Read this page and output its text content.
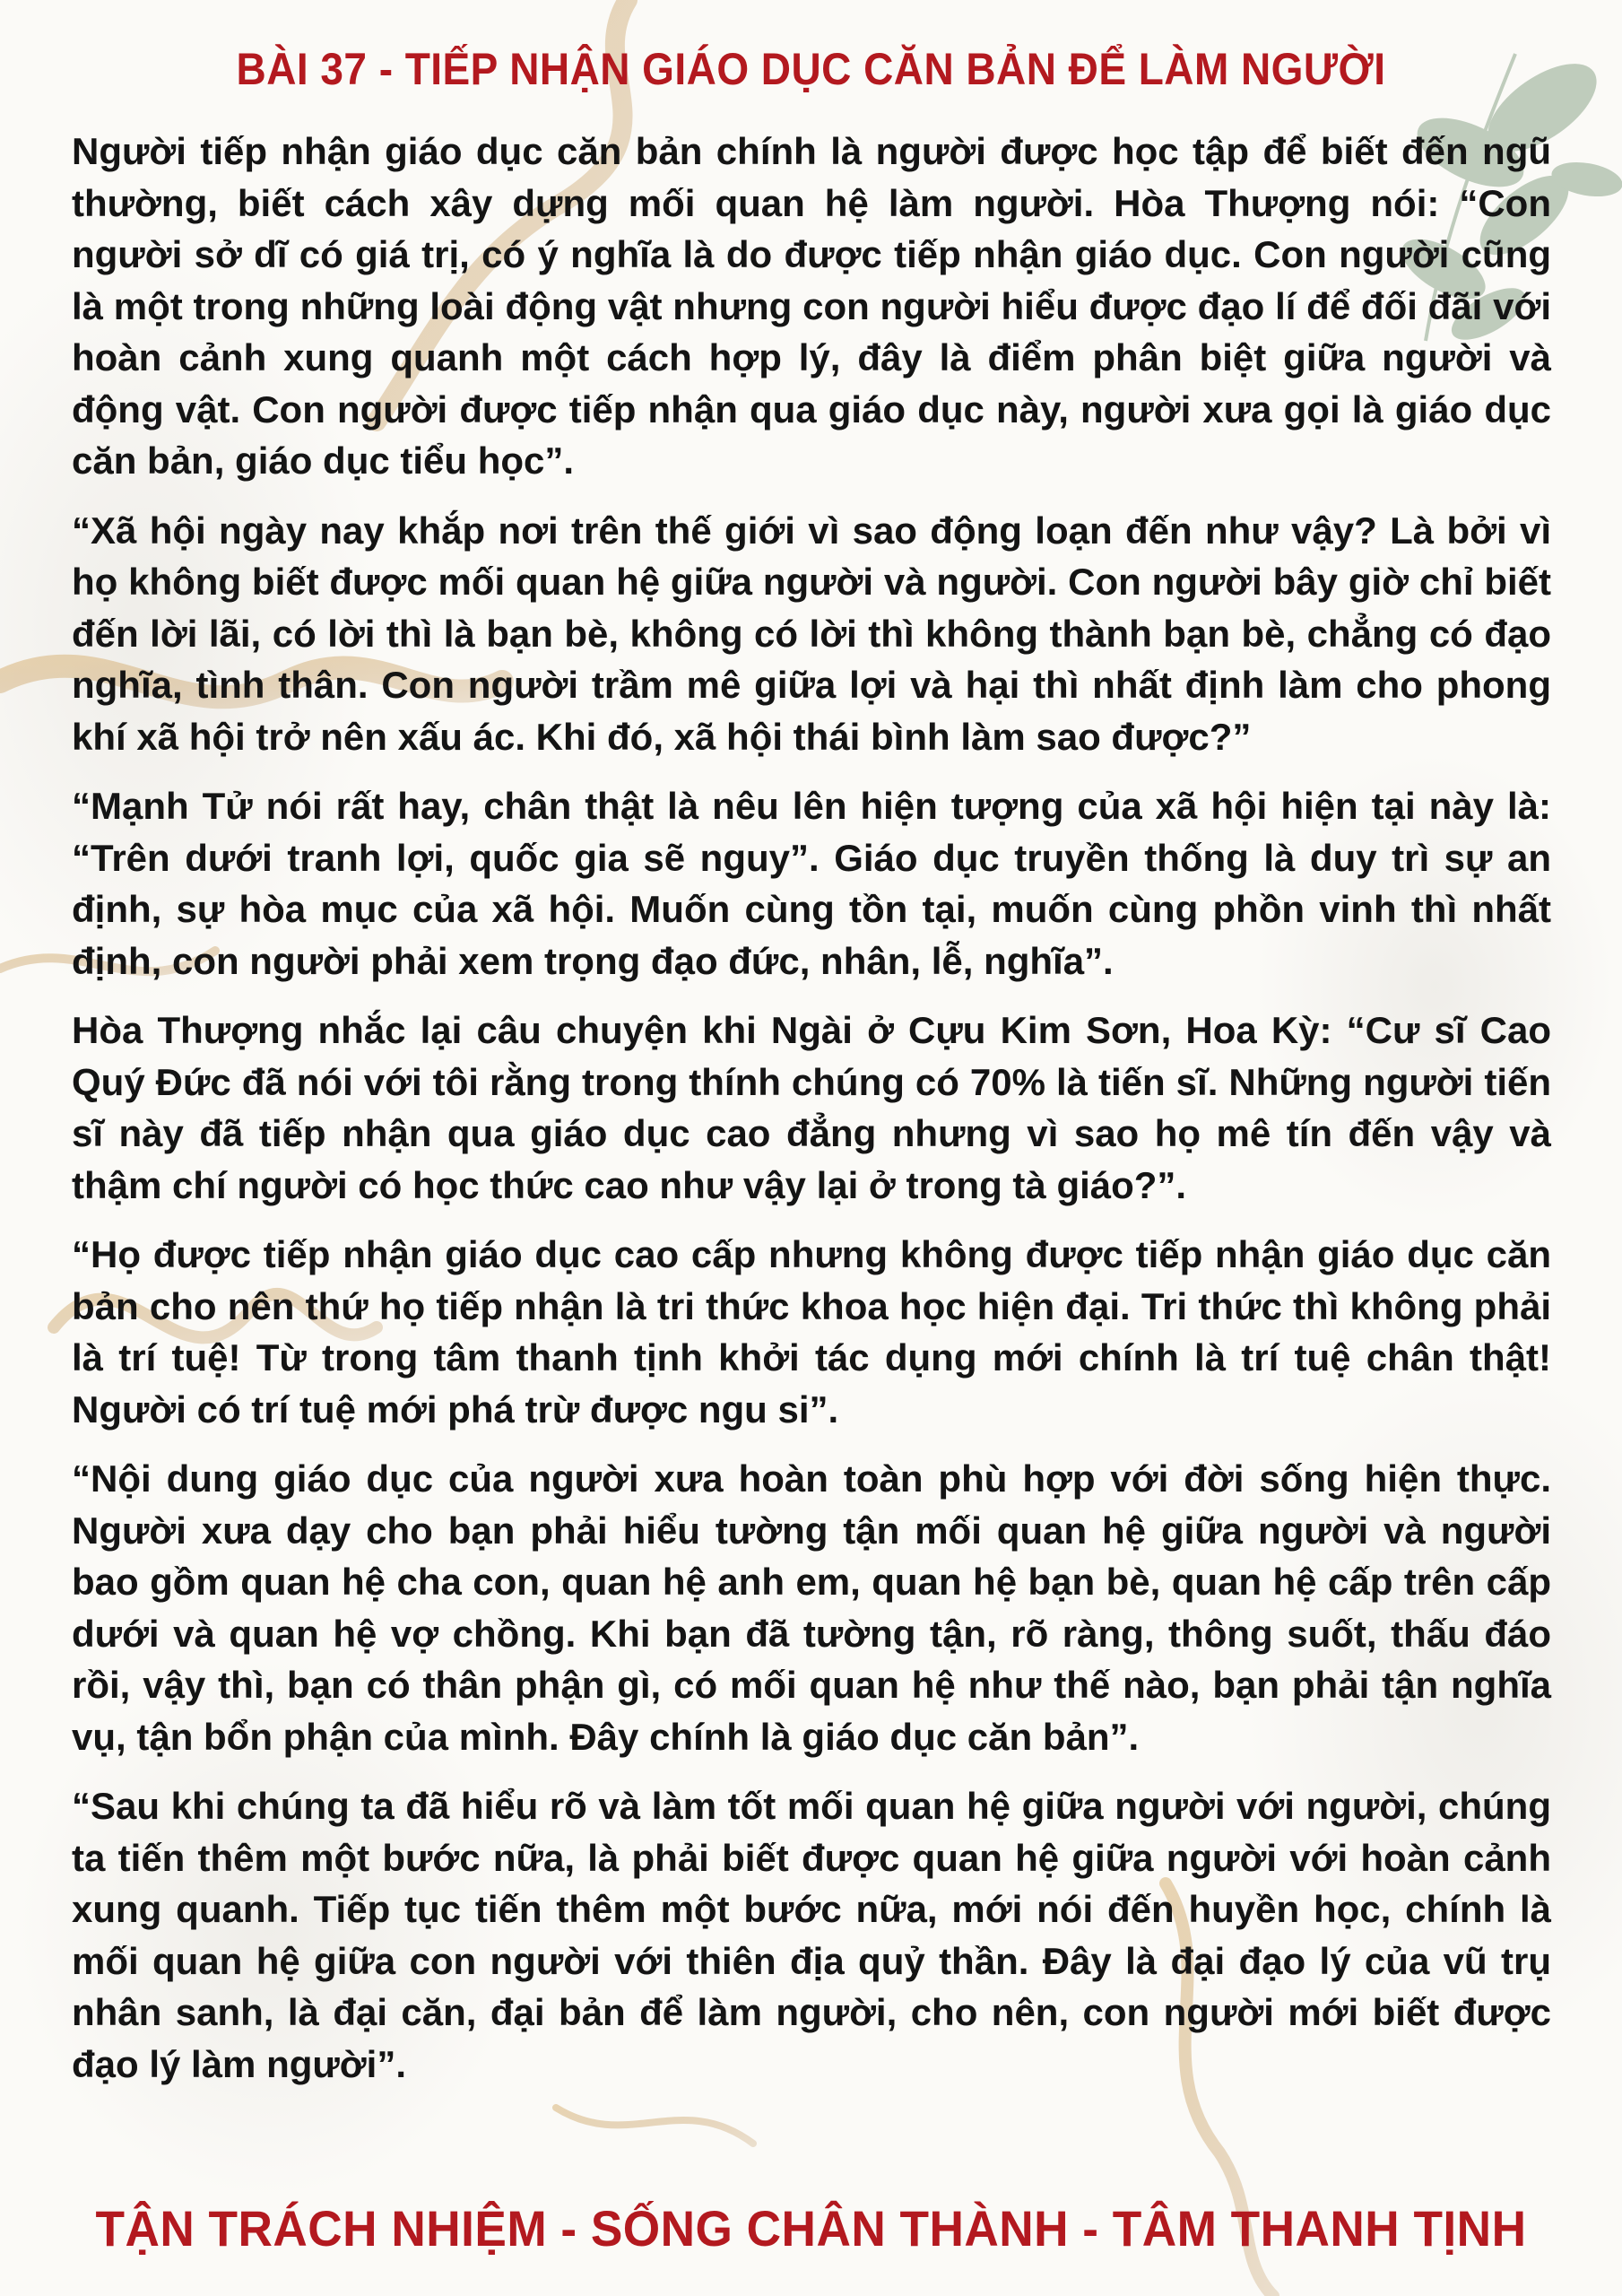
BÀI 37 - TIẾP NHẬN GIÁO DỤC CĂN BẢN ĐỂ LÀM NGƯỜI

Người tiếp nhận giáo dục căn bản chính là người được học tập để biết đến ngũ thường, biết cách xây dựng mối quan hệ làm người. Hòa Thượng nói: “Con người sở dĩ có giá trị, có ý nghĩa là do được tiếp nhận giáo dục. Con người cũng là một trong những loài động vật nhưng con người hiểu được đạo lí để đối đãi với hoàn cảnh xung quanh một cách hợp lý, đây là điểm phân biệt giữa người và động vật. Con người được tiếp nhận qua giáo dục này, người xưa gọi là giáo dục căn bản, giáo dục tiểu học”.

“Xã hội ngày nay khắp nơi trên thế giới vì sao động loạn đến như vậy? Là bởi vì họ không biết được mối quan hệ giữa người và người. Con người bây giờ chỉ biết đến lời lãi, có lời thì là bạn bè, không có lời thì không thành bạn bè, chẳng có đạo nghĩa, tình thân. Con người trầm mê giữa lợi và hại thì nhất định làm cho phong khí xã hội trở nên xấu ác. Khi đó, xã hội thái bình làm sao được?”

“Mạnh Tử nói rất hay, chân thật là nêu lên hiện tượng của xã hội hiện tại này là: “Trên dưới tranh lợi, quốc gia sẽ nguy”. Giáo dục truyền thống là duy trì sự an định, sự hòa mục của xã hội. Muốn cùng tồn tại, muốn cùng phồn vinh thì nhất định, con người phải xem trọng đạo đức, nhân, lễ, nghĩa”.

Hòa Thượng nhắc lại câu chuyện khi Ngài ở Cựu Kim Sơn, Hoa Kỳ: “Cư sĩ Cao Quý Đức đã nói với tôi rằng trong thính chúng có 70% là tiến sĩ. Những người tiến sĩ này đã tiếp nhận qua giáo dục cao đẳng nhưng vì sao họ mê tín đến vậy và thậm chí người có học thức cao như vậy lại ở trong tà giáo?”.

“Họ được tiếp nhận giáo dục cao cấp nhưng không được tiếp nhận giáo dục căn bản cho nên thứ họ tiếp nhận là tri thức khoa học hiện đại. Tri thức thì không phải là trí tuệ! Từ trong tâm thanh tịnh khởi tác dụng mới chính là trí tuệ chân thật! Người có trí tuệ mới phá trừ được ngu si”.

“Nội dung giáo dục của người xưa hoàn toàn phù hợp với đời sống hiện thực. Người xưa dạy cho bạn phải hiểu tường tận mối quan hệ giữa người và người bao gồm quan hệ cha con, quan hệ anh em, quan hệ bạn bè, quan hệ cấp trên cấp dưới và quan hệ vợ chồng. Khi bạn đã tường tận, rõ ràng, thông suốt, thấu đáo rồi, vậy thì, bạn có thân phận gì, có mối quan hệ như thế nào, bạn phải tận nghĩa vụ, tận bổn phận của mình. Đây chính là giáo dục căn bản”.

“Sau khi chúng ta đã hiểu rõ và làm tốt mối quan hệ giữa người với người, chúng ta tiến thêm một bước nữa, là phải biết được quan hệ giữa người với hoàn cảnh xung quanh. Tiếp tục tiến thêm một bước nữa, mới nói đến huyền học, chính là mối quan hệ giữa con người với thiên địa quỷ thần. Đây là đại đạo lý của vũ trụ nhân sanh, là đại căn, đại bản để làm người, cho nên, con người mới biết được đạo lý làm người”.

TẬN TRÁCH NHIỆM - SỐNG CHÂN THÀNH - TÂM THANH TỊNH
